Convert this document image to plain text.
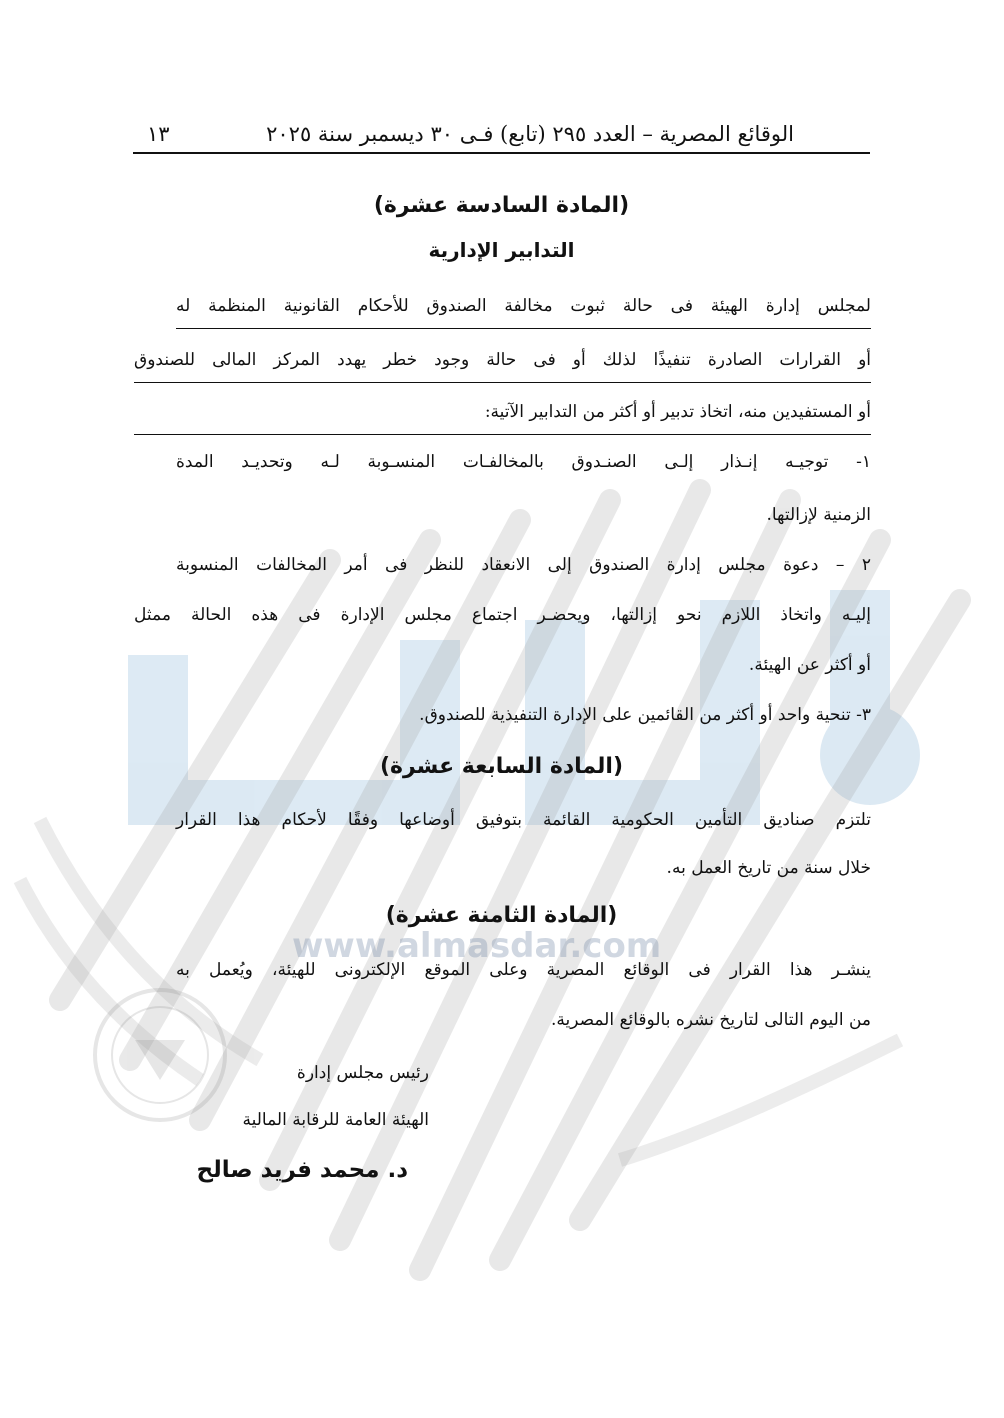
www.almasdar.com
الوقائع المصرية – العدد ٢٩٥ (تابع) فـى ٣٠ ديسمبر سنة ٢٠٢٥
١٣
(المادة السادسة عشرة)
التدابير الإدارية
لمجلس إدارة الهيئة فى حالة ثبوت مخالفة الصندوق للأحكام القانونية المنظمة له
أو القرارات الصادرة تنفيذًا لذلك أو فى حالة وجود خطر يهدد المركز المالى للصندوق
أو المستفيدين منه، اتخاذ تدبير أو أكثر من التدابير الآتية:
١- توجيـه إنـذار إلـى الصنـدوق بالمخالفـات المنسـوبة لـه وتحديـد المدة
الزمنية لإزالتها.
٢ – دعوة مجلس إدارة الصندوق إلى الانعقاد للنظر فى أمر المخالفات المنسوبة
إليـه واتخاذ اللازم نحو إزالتها، ويحضـر اجتماع مجلس الإدارة فى هذه الحالة ممثل
أو أكثر عن الهيئة.
٣- تنحية واحد أو أكثر من القائمين على الإدارة التنفيذية للصندوق.
(المادة السابعة عشرة)
تلتزم صناديق التأمين الحكومية القائمة بتوفيق أوضاعها وفقًا لأحكام هذا القرار
خلال سنة من تاريخ العمل به.
(المادة الثامنة عشرة)
ينشـر هذا القرار فى الوقائع المصرية وعلى الموقع الإلكترونى للهيئة، ويُعمل به
من اليوم التالى لتاريخ نشره بالوقائع المصرية.
رئيس مجلس إدارة
الهيئة العامة للرقابة المالية
د. محمد فريد صالح
